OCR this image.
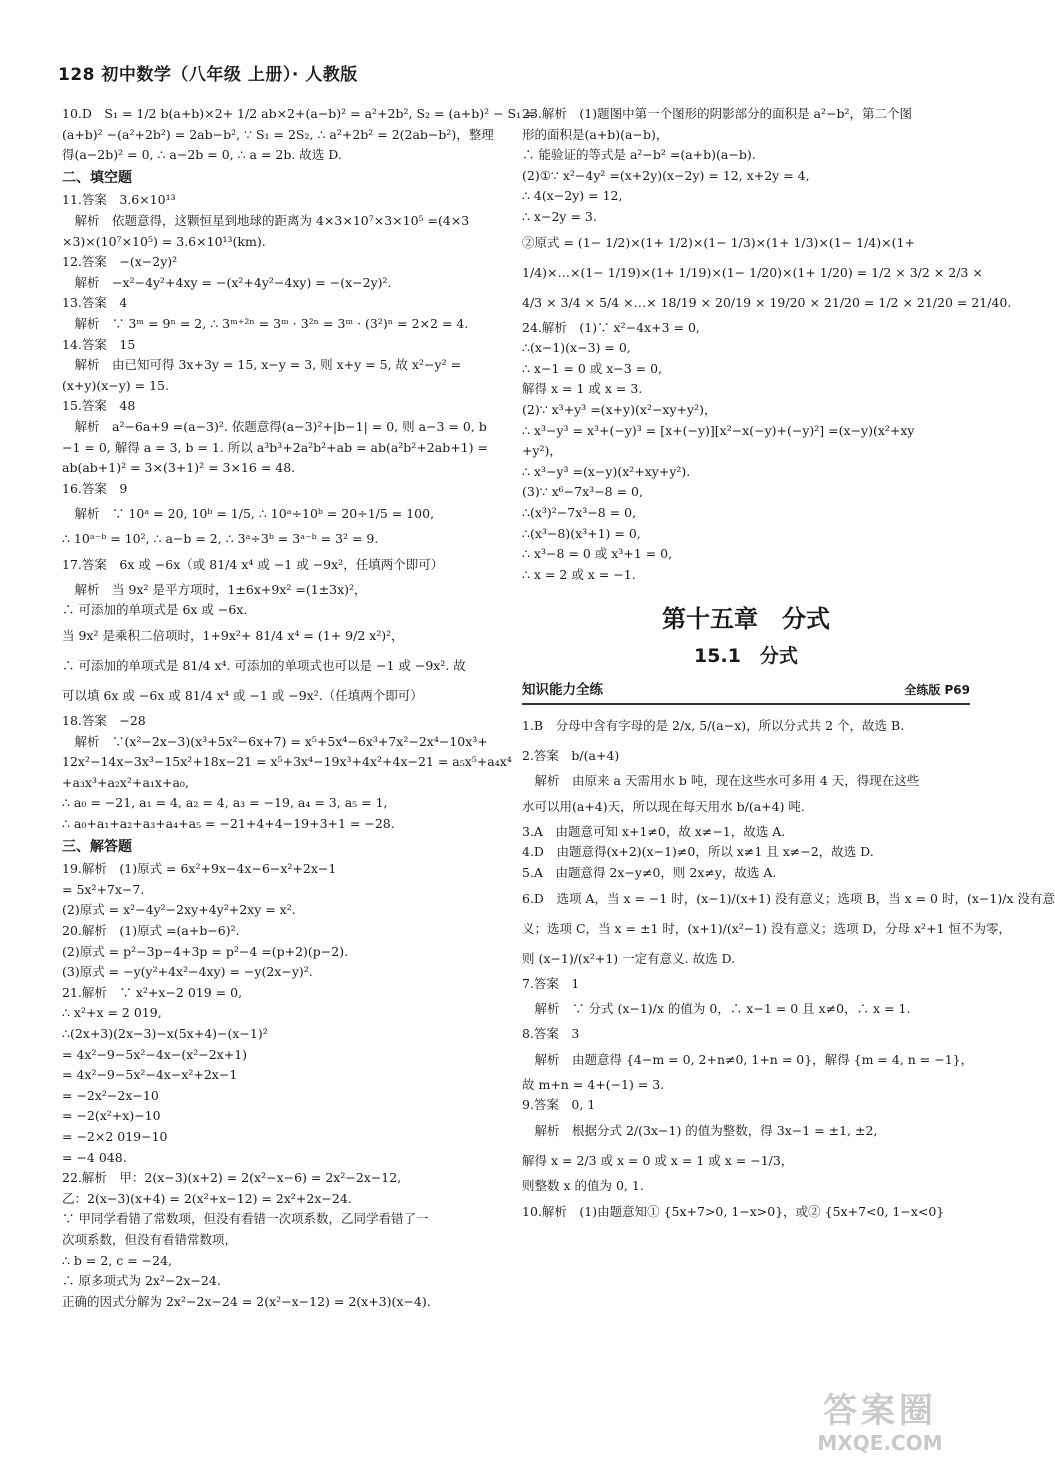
128 初中数学（八年级 上册）· 人教版
10.D　S₁ = 1/2 b(a+b)×2+ 1/2 ab×2+(a−b)² = a²+2b², S₂ = (a+b)² − S₁ =
(a+b)² −(a²+2b²) = 2ab−b², ∵ S₁ = 2S₂, ∴ a²+2b² = 2(2ab−b²)，整理
得(a−2b)² = 0, ∴ a−2b = 0, ∴ a = 2b. 故选 D.
二、填空题
11.答案　3.6×10¹³
　解析　依题意得，这颗恒星到地球的距离为 4×3×10⁷×3×10⁵ =(4×3
×3)×(10⁷×10⁵) = 3.6×10¹³(km).
12.答案　−(x−2y)²
　解析　−x²−4y²+4xy = −(x²+4y²−4xy) = −(x−2y)².
13.答案　4
　解析　∵ 3ᵐ = 9ⁿ = 2, ∴ 3ᵐ⁺²ⁿ = 3ᵐ · 3²ⁿ = 3ᵐ · (3²)ⁿ = 2×2 = 4.
14.答案　15
　解析　由已知可得 3x+3y = 15, x−y = 3, 则 x+y = 5, 故 x²−y² =
(x+y)(x−y) = 15.
15.答案　48
　解析　a²−6a+9 =(a−3)². 依题意得(a−3)²+|b−1| = 0, 则 a−3 = 0, b
−1 = 0, 解得 a = 3, b = 1. 所以 a³b³+2a²b²+ab = ab(a²b²+2ab+1) =
ab(ab+1)² = 3×(3+1)² = 3×16 = 48.
16.答案　9
　解析　∵ 10ᵃ = 20, 10ᵇ = 1/5, ∴ 10ᵃ÷10ᵇ = 20÷1/5 = 100,
∴ 10ᵃ⁻ᵇ = 10², ∴ a−b = 2, ∴ 3ᵃ÷3ᵇ = 3ᵃ⁻ᵇ = 3² = 9.
17.答案　6x 或 −6x（或 81/4 x⁴ 或 −1 或 −9x²，任填两个即可）
　解析　当 9x² 是平方项时，1±6x+9x² =(1±3x)²，
∴ 可添加的单项式是 6x 或 −6x.
当 9x² 是乘积二倍项时，1+9x²+ 81/4 x⁴ = (1+ 9/2 x²)²，
∴ 可添加的单项式是 81/4 x⁴. 可添加的单项式也可以是 −1 或 −9x². 故
可以填 6x 或 −6x 或 81/4 x⁴ 或 −1 或 −9x².（任填两个即可）
18.答案　−28
　解析　∵(x²−2x−3)(x³+5x²−6x+7) = x⁵+5x⁴−6x³+7x²−2x⁴−10x³+
12x²−14x−3x³−15x²+18x−21 = x⁵+3x⁴−19x³+4x²+4x−21 = a₅x⁵+a₄x⁴
+a₃x³+a₂x²+a₁x+a₀,
∴ a₀ = −21, a₁ = 4, a₂ = 4, a₃ = −19, a₄ = 3, a₅ = 1,
∴ a₀+a₁+a₂+a₃+a₄+a₅ = −21+4+4−19+3+1 = −28.
三、解答题
19.解析　(1)原式 = 6x²+9x−4x−6−x²+2x−1
= 5x²+7x−7.
(2)原式 = x²−4y²−2xy+4y²+2xy = x².
20.解析　(1)原式 =(a+b−6)².
(2)原式 = p²−3p−4+3p = p²−4 =(p+2)(p−2).
(3)原式 = −y(y²+4x²−4xy) = −y(2x−y)².
21.解析　∵ x²+x−2 019 = 0,
∴ x²+x = 2 019,
∴(2x+3)(2x−3)−x(5x+4)−(x−1)²
= 4x²−9−5x²−4x−(x²−2x+1)
= 4x²−9−5x²−4x−x²+2x−1
= −2x²−2x−10
= −2(x²+x)−10
= −2×2 019−10
= −4 048.
22.解析　甲：2(x−3)(x+2) = 2(x²−x−6) = 2x²−2x−12,
乙：2(x−3)(x+4) = 2(x²+x−12) = 2x²+2x−24.
∵ 甲同学看错了常数项，但没有看错一次项系数，乙同学看错了一
次项系数，但没有看错常数项，
∴ b = 2, c = −24,
∴ 原多项式为 2x²−2x−24.
正确的因式分解为 2x²−2x−24 = 2(x²−x−12) = 2(x+3)(x−4).
23.解析　(1)题图中第一个图形的阴影部分的面积是 a²−b²，第二个图
形的面积是(a+b)(a−b)，
∴ 能验证的等式是 a²−b² =(a+b)(a−b).
(2)①∵ x²−4y² =(x+2y)(x−2y) = 12, x+2y = 4,
∴ 4(x−2y) = 12,
∴ x−2y = 3.
②原式 = (1− 1/2)×(1+ 1/2)×(1− 1/3)×(1+ 1/3)×(1− 1/4)×(1+
1/4)×…×(1− 1/19)×(1+ 1/19)×(1− 1/20)×(1+ 1/20) = 1/2 × 3/2 × 2/3 ×
4/3 × 3/4 × 5/4 ×…× 18/19 × 20/19 × 19/20 × 21/20 = 1/2 × 21/20 = 21/40.
24.解析　(1)∵ x²−4x+3 = 0,
∴(x−1)(x−3) = 0,
∴ x−1 = 0 或 x−3 = 0,
解得 x = 1 或 x = 3.
(2)∵ x³+y³ =(x+y)(x²−xy+y²)，
∴ x³−y³ = x³+(−y)³ = [x+(−y)][x²−x(−y)+(−y)²] =(x−y)(x²+xy
+y²)，
∴ x³−y³ =(x−y)(x²+xy+y²).
(3)∵ x⁶−7x³−8 = 0,
∴(x³)²−7x³−8 = 0,
∴(x³−8)(x³+1) = 0,
∴ x³−8 = 0 或 x³+1 = 0,
∴ x = 2 或 x = −1.
第十五章　分式
15.1　分式
知识能力全练	全练版 P69
1.B　分母中含有字母的是 2/x, 5/(a−x)，所以分式共 2 个，故选 B.
2.答案　b/(a+4)
　解析　由原来 a 天需用水 b 吨，现在这些水可多用 4 天，得现在这些
水可以用(a+4)天，所以现在每天用水 b/(a+4) 吨.
3.A　由题意可知 x+1≠0，故 x≠−1，故选 A.
4.D　由题意得(x+2)(x−1)≠0，所以 x≠1 且 x≠−2，故选 D.
5.A　由题意得 2x−y≠0，则 2x≠y，故选 A.
6.D　选项 A，当 x = −1 时，(x−1)/(x+1) 没有意义；选项 B，当 x = 0 时，(x−1)/x 没有意
义；选项 C，当 x = ±1 时，(x+1)/(x²−1) 没有意义；选项 D，分母 x²+1 恒不为零，
则 (x−1)/(x²+1) 一定有意义. 故选 D.
7.答案　1
　解析　∵ 分式 (x−1)/x 的值为 0，∴ x−1 = 0 且 x≠0，∴ x = 1.
8.答案　3
　解析　由题意得 {4−m = 0, 2+n≠0, 1+n = 0}，解得 {m = 4, n = −1}，
故 m+n = 4+(−1) = 3.
9.答案　0, 1
　解析　根据分式 2/(3x−1) 的值为整数，得 3x−1 = ±1, ±2,
解得 x = 2/3 或 x = 0 或 x = 1 或 x = −1/3，
则整数 x 的值为 0, 1.
10.解析　(1)由题意知① {5x+7>0, 1−x>0}，或② {5x+7<0, 1−x<0}
答案圈
MXQE.COM
